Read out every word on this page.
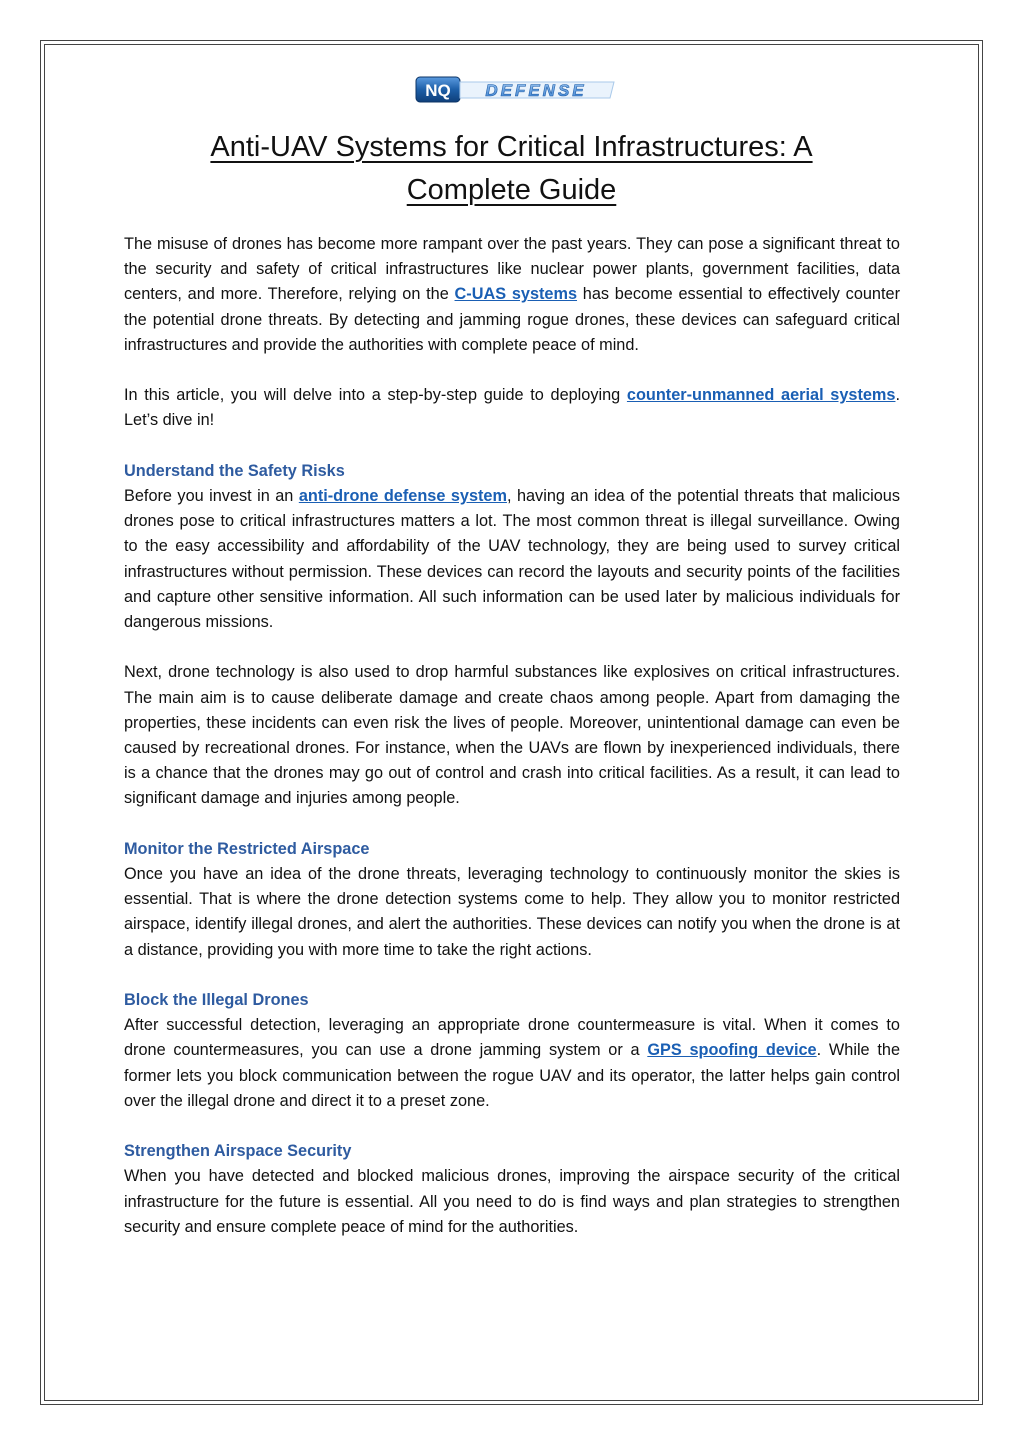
NQ DEFENSE
Anti-UAV Systems for Critical Infrastructures: A
Complete Guide

The misuse of drones has become more rampant over the past years. They can pose a significant threat to the security and safety of critical infrastructures like nuclear power plants, government facilities, data centers, and more. Therefore, relying on the C-UAS systems has become essential to effectively counter the potential drone threats. By detecting and jamming rogue drones, these devices can safeguard critical infrastructures and provide the authorities with complete peace of mind.

In this article, you will delve into a step-by-step guide to deploying counter-unmanned aerial systems. Let’s dive in!

Understand the Safety Risks

Before you invest in an anti-drone defense system, having an idea of the potential threats that malicious drones pose to critical infrastructures matters a lot. The most common threat is illegal surveillance. Owing to the easy accessibility and affordability of the UAV technology, they are being used to survey critical infrastructures without permission. These devices can record the layouts and security points of the facilities and capture other sensitive information. All such information can be used later by malicious individuals for dangerous missions.

Next, drone technology is also used to drop harmful substances like explosives on critical infrastructures. The main aim is to cause deliberate damage and create chaos among people. Apart from damaging the properties, these incidents can even risk the lives of people. Moreover, unintentional damage can even be caused by recreational drones. For instance, when the UAVs are flown by inexperienced individuals, there is a chance that the drones may go out of control and crash into critical facilities. As a result, it can lead to significant damage and injuries among people.

Monitor the Restricted Airspace

Once you have an idea of the drone threats, leveraging technology to continuously monitor the skies is essential. That is where the drone detection systems come to help. They allow you to monitor restricted airspace, identify illegal drones, and alert the authorities. These devices can notify you when the drone is at a distance, providing you with more time to take the right actions.

Block the Illegal Drones

After successful detection, leveraging an appropriate drone countermeasure is vital. When it comes to drone countermeasures, you can use a drone jamming system or a GPS spoofing device. While the former lets you block communication between the rogue UAV and its operator, the latter helps gain control over the illegal drone and direct it to a preset zone.

Strengthen Airspace Security

When you have detected and blocked malicious drones, improving the airspace security of the critical infrastructure for the future is essential. All you need to do is find ways and plan strategies to strengthen security and ensure complete peace of mind for the authorities.
